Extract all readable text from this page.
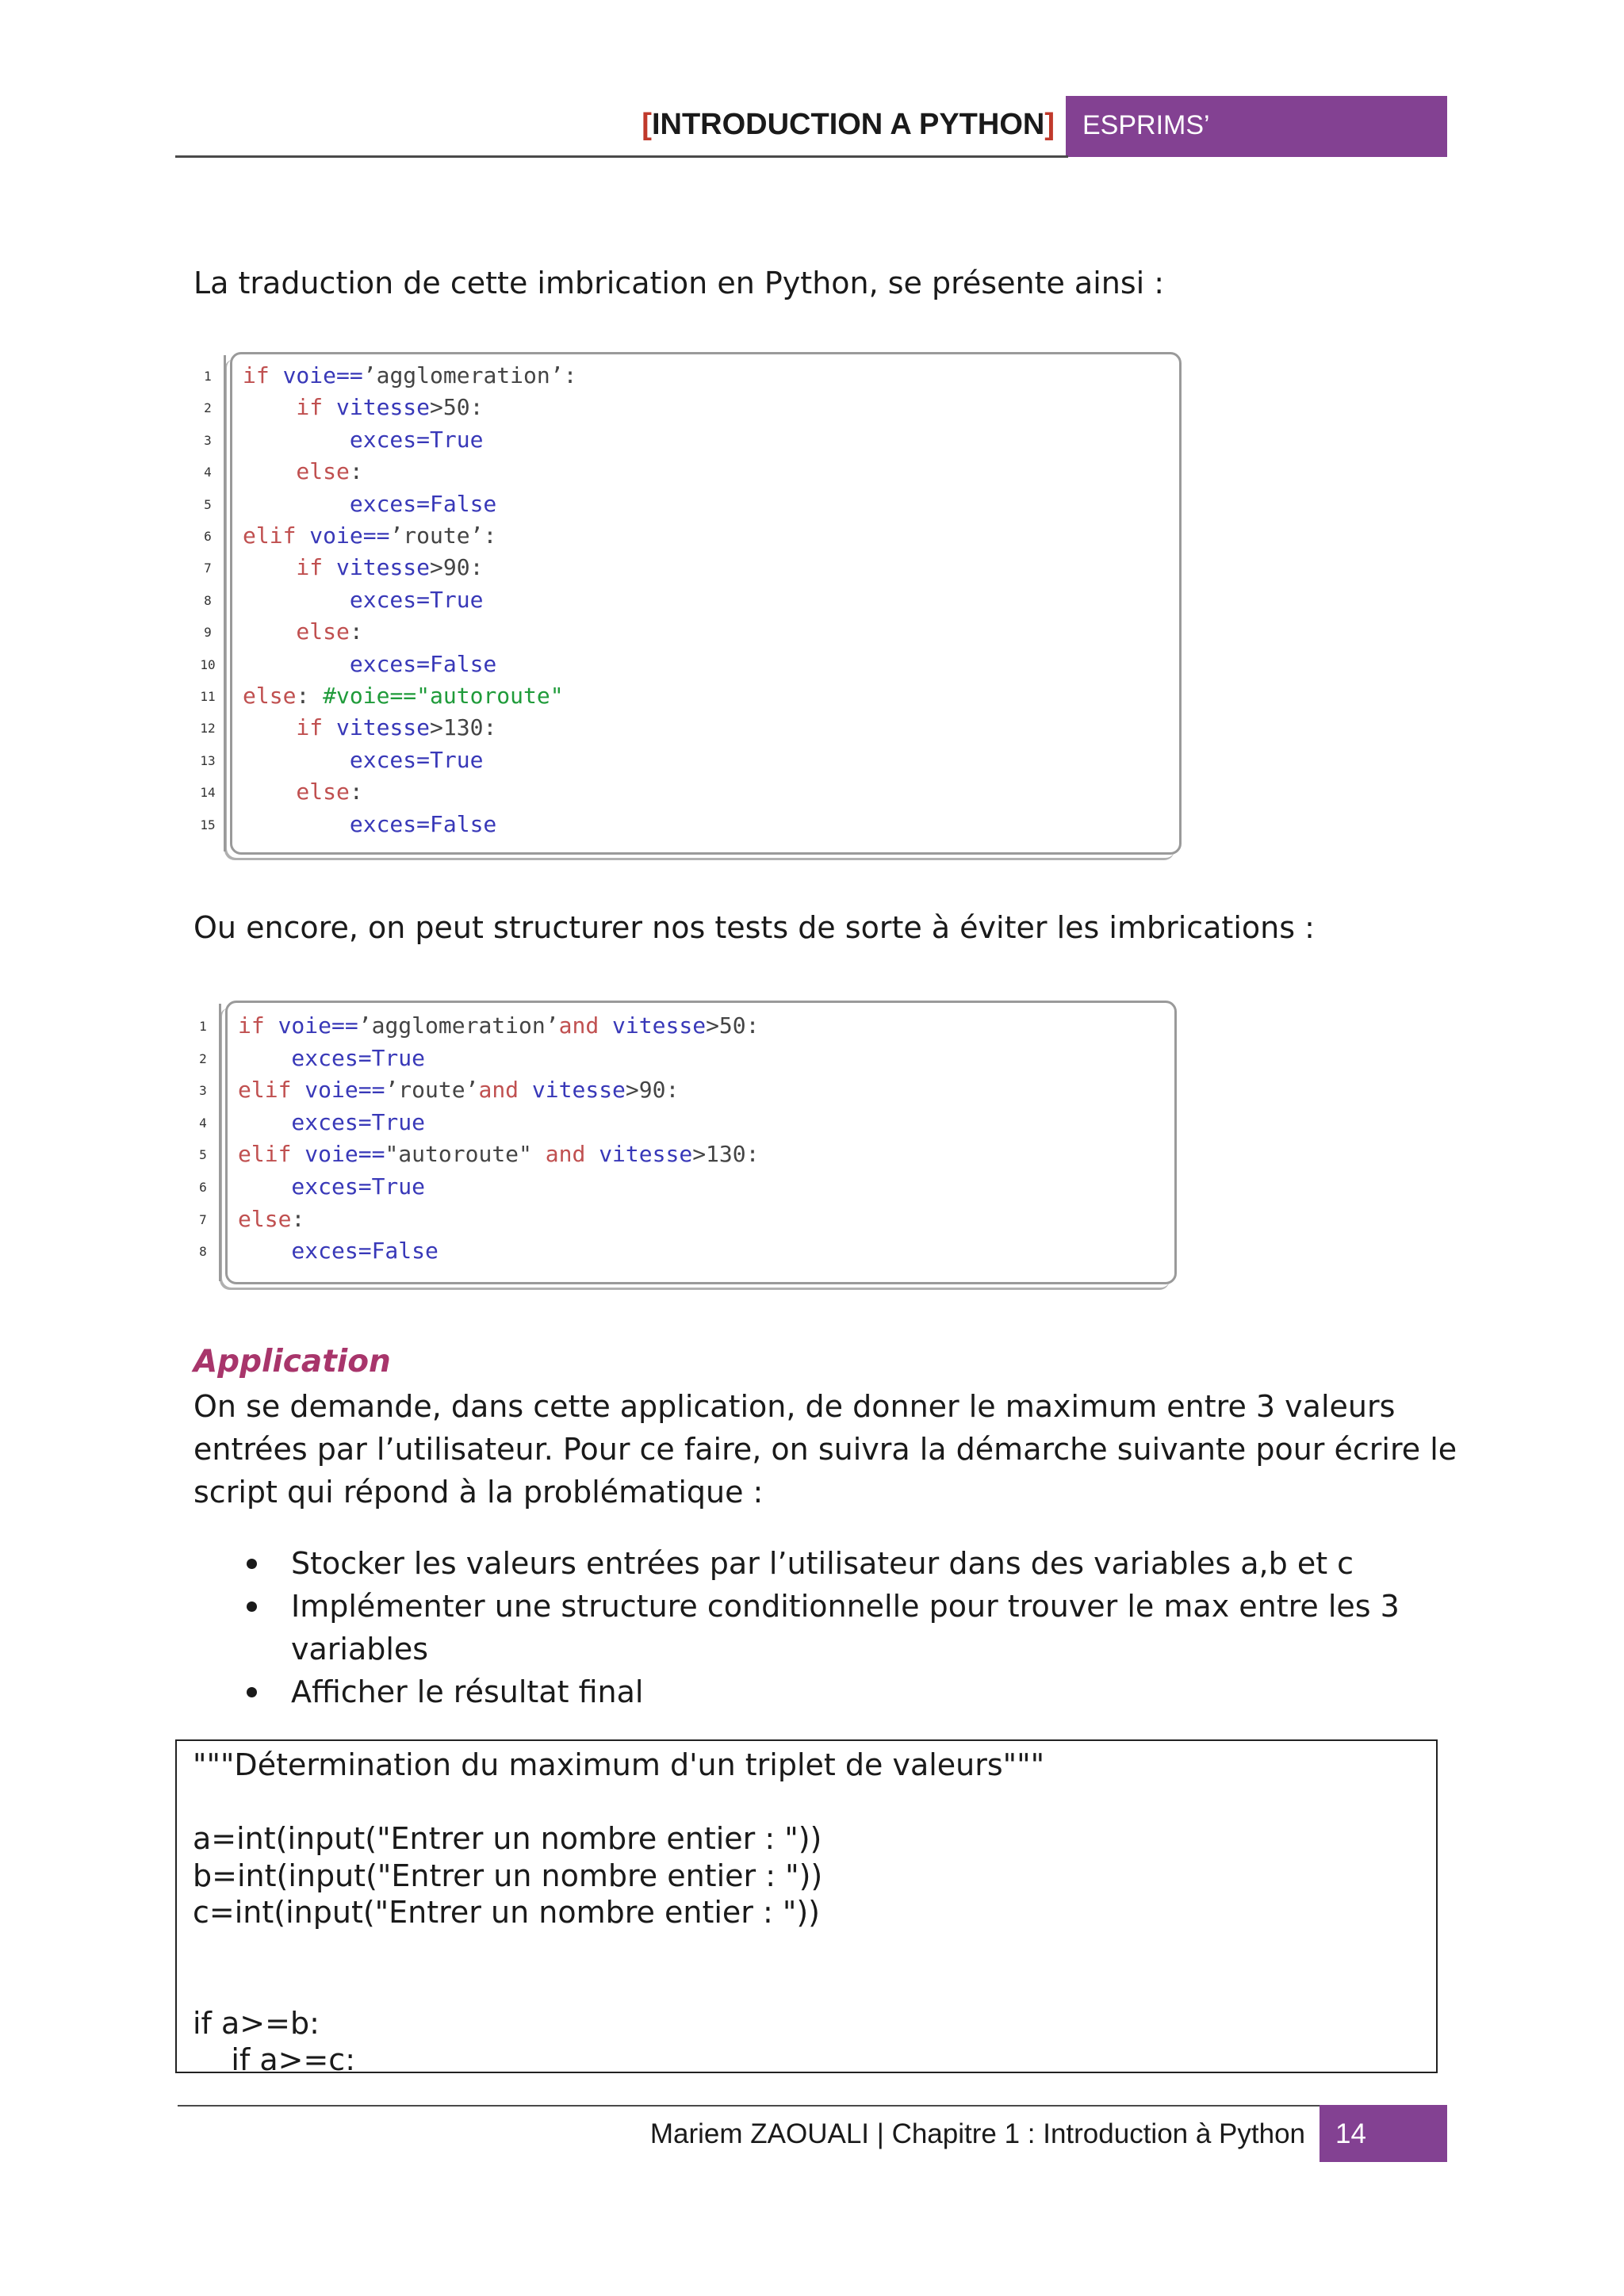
[INTRODUCTION A PYTHON] ESPRIMS’
La traduction de cette imbrication en Python, se présente ainsi :
1 if voie==’agglomeration’:
2 if vitesse>50:
3 exces=True
4 else:
5 exces=False
6 elif voie==’route’:
7 if vitesse>90:
8 exces=True
9 else:
10 exces=False
11 else: #voie=="autoroute"
12 if vitesse>130:
13 exces=True
14 else:
15 exces=False
Ou encore, on peut structurer nos tests de sorte à éviter les imbrications :
1 if voie==’agglomeration’and vitesse>50:
2 exces=True
3 elif voie==’route’and vitesse>90:
4 exces=True
5 elif voie=="autoroute" and vitesse>130:
6 exces=True
7 else:
8 exces=False
Application
On se demande, dans cette application, de donner le maximum entre 3 valeurs
entrées par l’utilisateur. Pour ce faire, on suivra la démarche suivante pour écrire le
script qui répond à la problématique :
Stocker les valeurs entrées par l’utilisateur dans des variables a,b et c
Implémenter une structure conditionnelle pour trouver le max entre les 3
variables
Afficher le résultat final
"""Détermination du maximum d'un triplet de valeurs"""
a=int(input("Entrer un nombre entier : "))
b=int(input("Entrer un nombre entier : "))
c=int(input("Entrer un nombre entier : "))
if a>=b:
if a>=c:
Mariem ZAOUALI | Chapitre 1 : Introduction à Python 14
